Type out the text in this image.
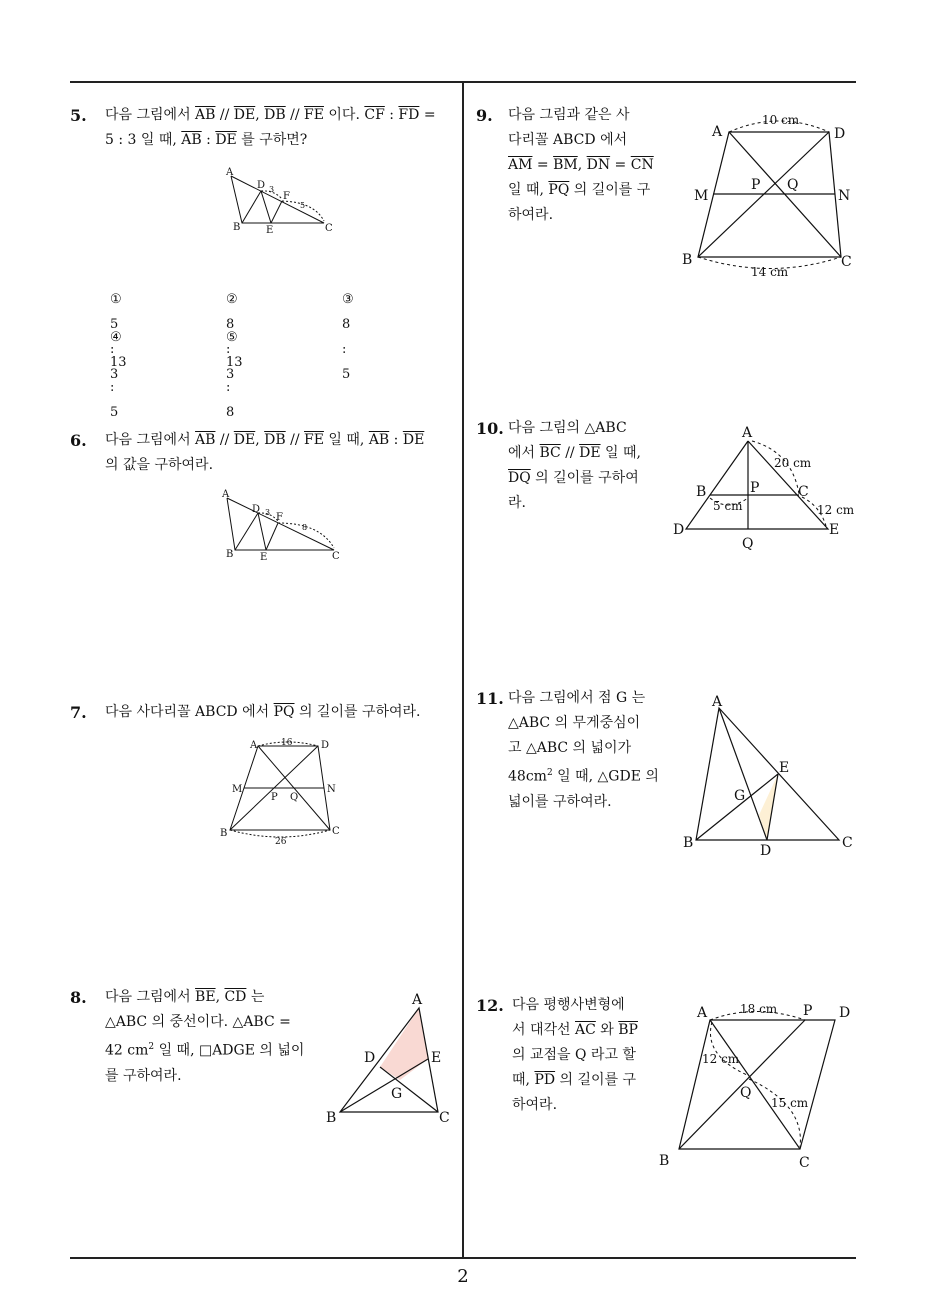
5. 다음 그림에서 $\overline{AB} // \overline{DE}$, $\overline{DB} // \overline{FE}$ 이다. $\overline{CF}$ : $\overline{FD}$ =
5 : 3 일 때, $\overline{AB}$ : $\overline{DE}$ 를 구하면?
A
D
F
3
5
B	E	C
① 5 : 3
② 8 : 3
③ 8 : 5
④ 13 : 5
⑤ 13 : 8
6. 다음 그림에서 $\overline{AB} // \overline{DE}$, $\overline{DB} // \overline{FE}$ 일 때, $\overline{AB}$ : $\overline{DE}$
의 값을 구하여라.
A
D
F
3
8
B	E	C
7. 다음 사다리꼴 ABCD 에서 $\overline{PQ}$ 의 길이를 구하여라.
A	D
16
M	N
P Q
B	C
26
8. 다음 그림에서 $\overline{BE}$, $\overline{CD}$ 는
△ABC 의 중선이다. △ABC =
42 $cm^2$ 일 때, □ADGE 의 넓이
를 구하여라.
A
D	E
G
B	C
9. 다음 그림과 같은 사
다리꼴 ABCD 에서
$\overline{AM} = \overline{BM}$, $\overline{DN} = \overline{CN}$
일 때, $\overline{PQ}$ 의 길이를 구
하여라.
A	D
10 cm
M	N
P Q
B	C
14 cm
10. 다음 그림의 △ABC
에서 $\overline{BC} // \overline{DE}$ 일 때,
$\overline{DQ}$ 의 길이를 구하여
라.
A
20 cm
B	P	C
5 cm	12 cm
D	E
Q
11. 다음 그림에서 점 G 는
△ABC 의 무게중심이
고 △ABC 의 넓이가
$48cm^2$ 일 때, △GDE 의
넓이를 구하여라.
A
E
G
B	D	C
12. 다음 평행사변형에
서 대각선 $\overline{AC}$ 와 $\overline{BP}$
의 교점을 Q 라고 할
때, $\overline{PD}$ 의 길이를 구
하여라.
A	18 cm P D
12 cm
Q
15 cm
B	C
2
